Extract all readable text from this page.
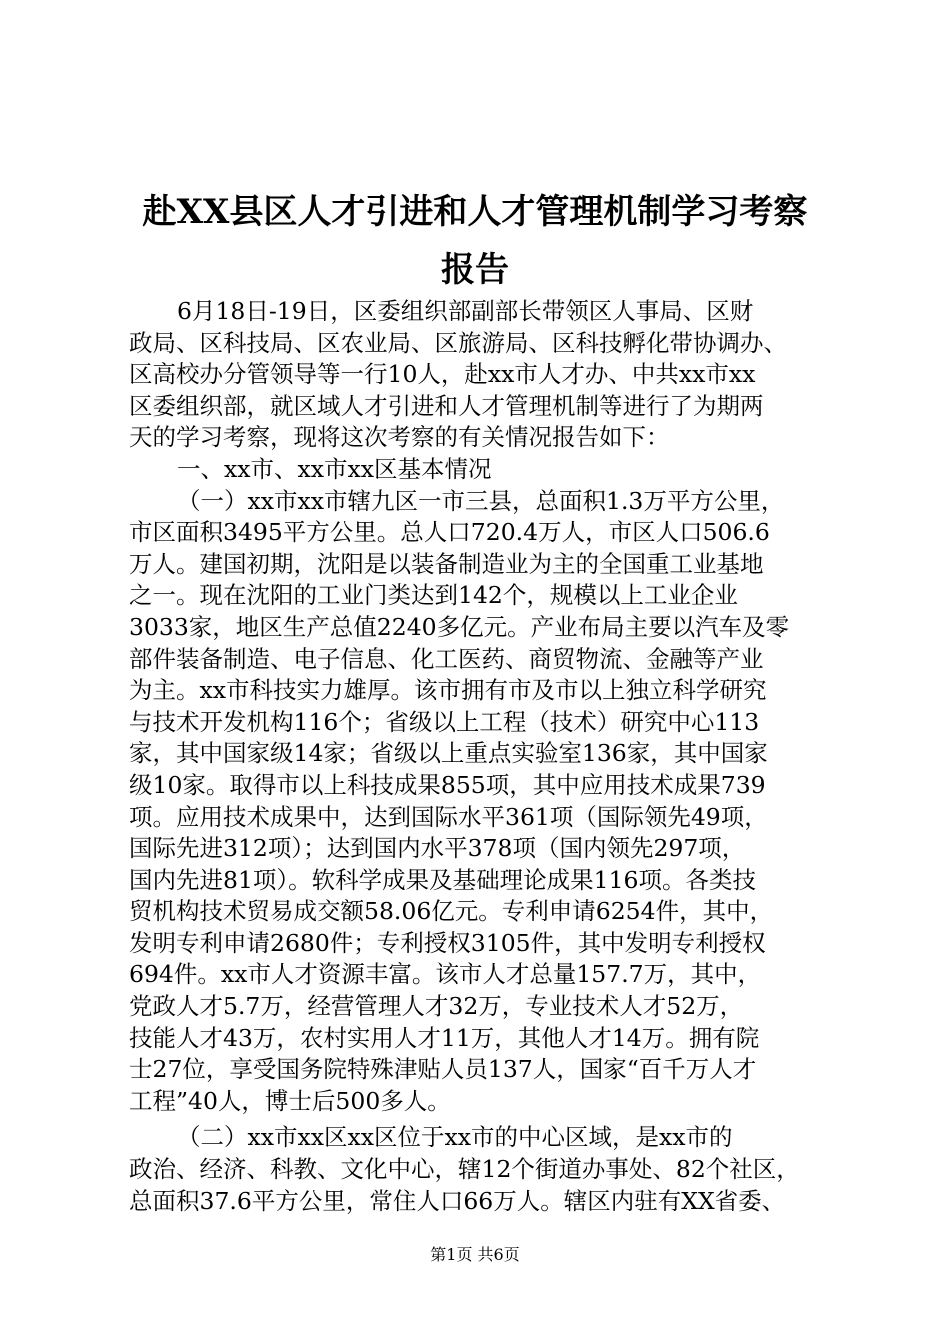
赴XX县区人才引进和人才管理机制学习考察
报告
6月18日-19日，区委组织部副部长带领区人事局、区财
政局、区科技局、区农业局、区旅游局、区科技孵化带协调办、
区高校办分管领导等一行10人，赴xx市人才办、中共xx市xx
区委组织部，就区域人才引进和人才管理机制等进行了为期两
天的学习考察，现将这次考察的有关情况报告如下：
一、xx市、xx市xx区基本情况
（一）xx市xx市辖九区一市三县，总面积1.3万平方公里，
市区面积3495平方公里。总人口720.4万人，市区人口506.6
万人。建国初期，沈阳是以装备制造业为主的全国重工业基地
之一。现在沈阳的工业门类达到142个，规模以上工业企业
3033家，地区生产总值2240多亿元。产业布局主要以汽车及零
部件装备制造、电子信息、化工医药、商贸物流、金融等产业
为主。xx市科技实力雄厚。该市拥有市及市以上独立科学研究
与技术开发机构116个；省级以上工程（技术）研究中心113
家，其中国家级14家；省级以上重点实验室136家，其中国家
级10家。取得市以上科技成果855项，其中应用技术成果739
项。应用技术成果中，达到国际水平361项（国际领先49项，
国际先进312项）；达到国内水平378项（国内领先297项，
国内先进81项）。软科学成果及基础理论成果116项。各类技
贸机构技术贸易成交额58.06亿元。专利申请6254件，其中，
发明专利申请2680件；专利授权3105件，其中发明专利授权
694件。xx市人才资源丰富。该市人才总量157.7万，其中，
党政人才5.7万，经营管理人才32万，专业技术人才52万，
技能人才43万，农村实用人才11万，其他人才14万。拥有院
士27位，享受国务院特殊津贴人员137人，国家“百千万人才
工程”40人，博士后500多人。
（二）xx市xx区xx区位于xx市的中心区域，是xx市的
政治、经济、科教、文化中心，辖12个街道办事处、82个社区，
总面积37.6平方公里，常住人口66万人。辖区内驻有XX省委、
第1页 共6页
